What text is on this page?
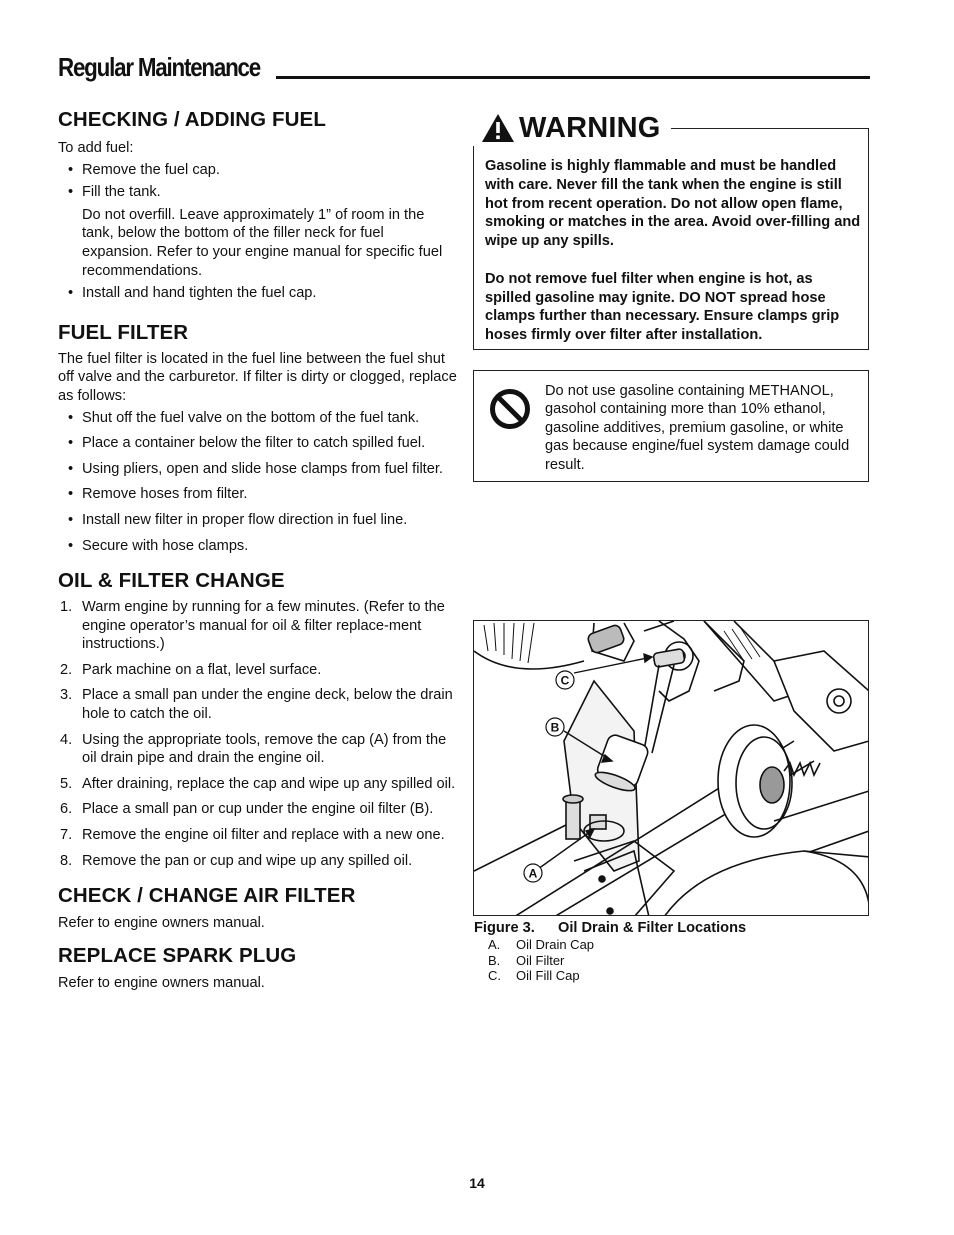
Regular Maintenance
CHECKING / ADDING FUEL

To add fuel:

• Remove the fuel cap.
• Fill the tank.

Do not overfill. Leave approximately 1” of room in the tank, below the bottom of the filler neck for fuel expansion. Refer to your engine manual for specific fuel recommendations.

• Install and hand tighten the fuel cap.
FUEL FILTER

The fuel filter is located in the fuel line between the fuel shut off valve and the carburetor. If filter is dirty or clogged, replace as follows:

• Shut off the fuel valve on the bottom of the fuel tank.
• Place a container below the filter to catch spilled fuel.
• Using pliers, open and slide hose clamps from fuel filter.
• Remove hoses from filter.
• Install new filter in proper flow direction in fuel line.
• Secure with hose clamps.
OIL & FILTER CHANGE
1. Warm engine by running for a few minutes. (Refer to the engine operator’s manual for oil & filter replace-ment instructions.)
2. Park machine on a flat, level surface.
3. Place a small pan under the engine deck, below the drain hole to catch the oil.
4. Using the appropriate tools, remove the cap (A) from the oil drain pipe and drain the engine oil.
5. After draining, replace the cap and wipe up any spilled oil.
6. Place a small pan or cup under the engine oil filter (B).
7. Remove the engine oil filter and replace with a new one.
8. Remove the pan or cup and wipe up any spilled oil.
CHECK / CHANGE AIR FILTER

Refer to engine owners manual.

REPLACE SPARK PLUG

Refer to engine owners manual.

WARNING

Gasoline is highly flammable and must be handled with care. Never fill the tank when the engine is still hot from recent operation. Do not allow open flame, smoking or matches in the area. Avoid over-filling and wipe up any spills.

Do not remove fuel filter when engine is hot, as spilled gasoline may ignite. DO NOT spread hose clamps further than necessary. Ensure clamps grip hoses firmly over filter after installation.

Do not use gasoline containing METHANOL, gasohol containing more than 10% ethanol, gasoline additives, premium gasoline, or white gas because engine/fuel system damage could result.
C
B
A
Figure 3. Oil Drain & Filter Locations
A. Oil Drain Cap
B. Oil Filter
C. Oil Fill Cap
14
